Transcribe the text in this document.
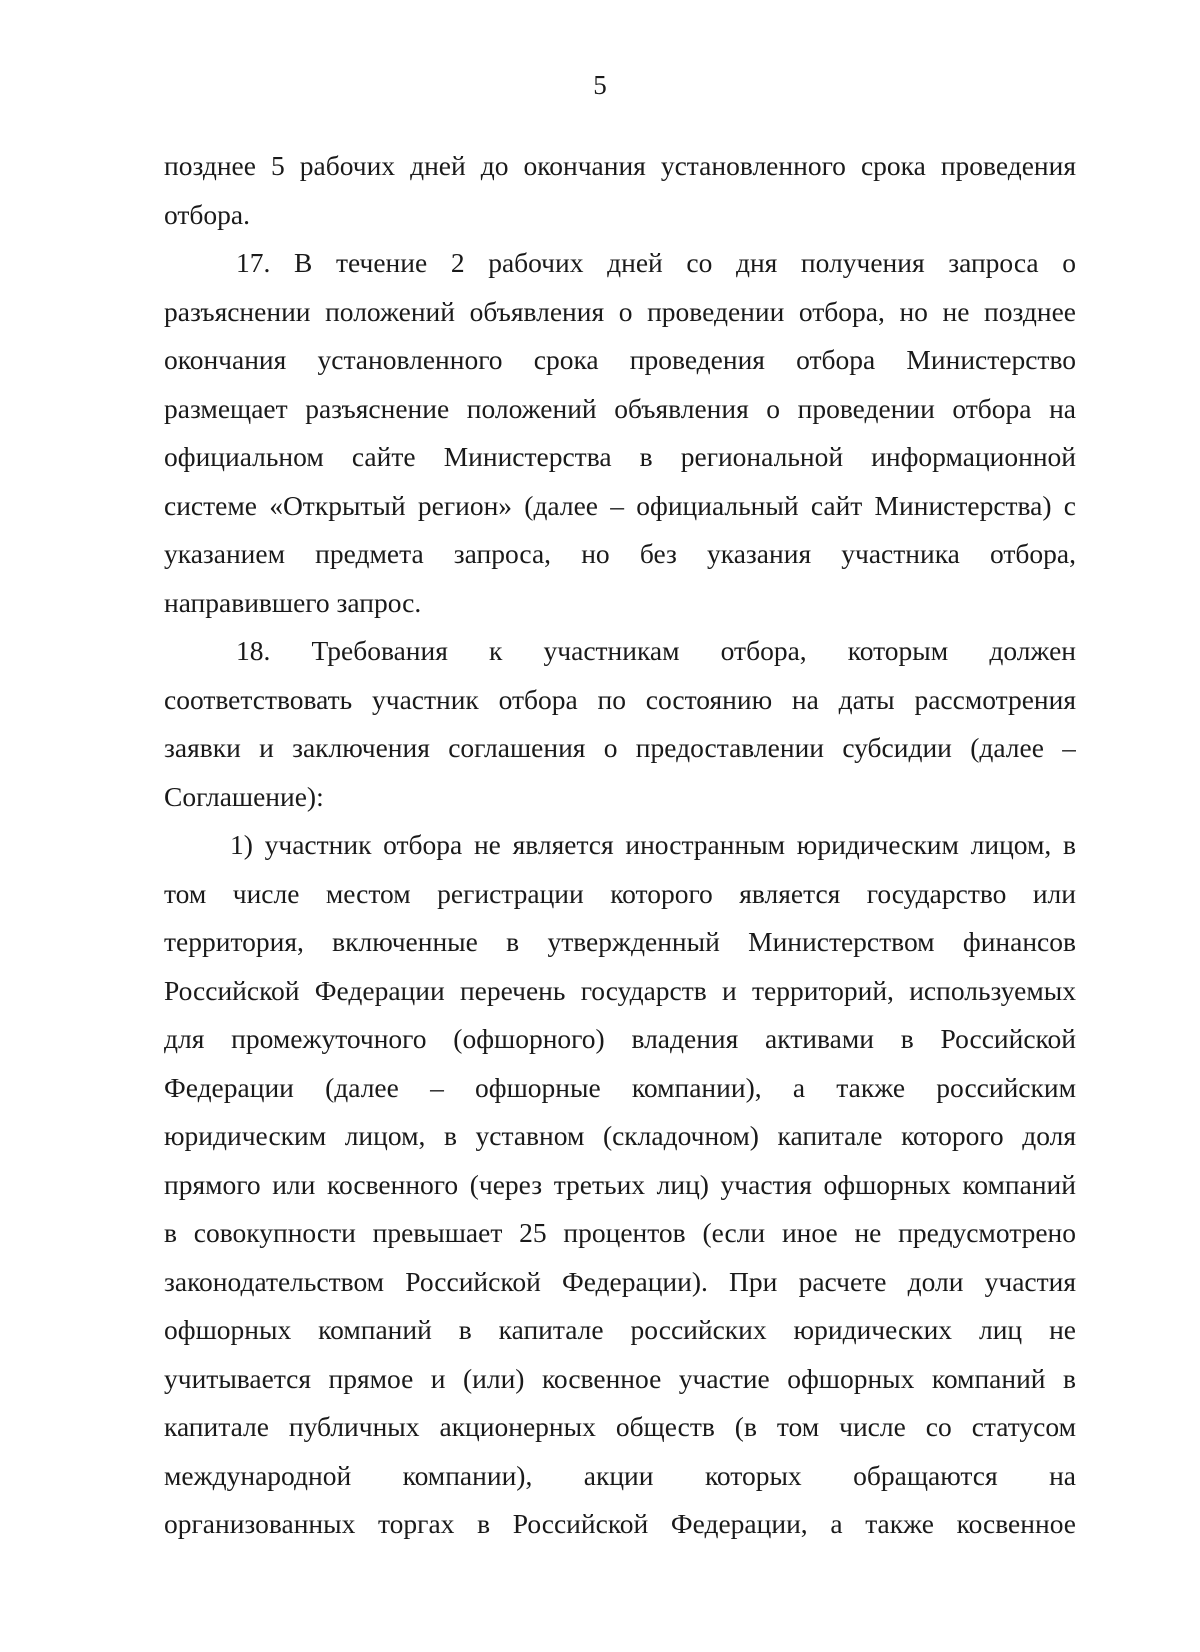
5
позднее 5 рабочих дней до окончания установленного срока проведения
отбора.
17. В течение 2 рабочих дней со дня получения запроса о
разъяснении положений объявления о проведении отбора, но не позднее
окончания установленного срока проведения отбора Министерство
размещает разъяснение положений объявления о проведении отбора на
официальном сайте Министерства в региональной информационной
системе «Открытый регион» (далее – официальный сайт Министерства) с
указанием предмета запроса, но без указания участника отбора,
направившего запрос.
18. Требования к участникам отбора, которым должен
соответствовать участник отбора по состоянию на даты рассмотрения
заявки и заключения соглашения о предоставлении субсидии (далее –
Соглашение):
1) участник отбора не является иностранным юридическим лицом, в
том числе местом регистрации которого является государство или
территория, включенные в утвержденный Министерством финансов
Российской Федерации перечень государств и территорий, используемых
для промежуточного (офшорного) владения активами в Российской
Федерации (далее – офшорные компании), а также российским
юридическим лицом, в уставном (складочном) капитале которого доля
прямого или косвенного (через третьих лиц) участия офшорных компаний
в совокупности превышает 25 процентов (если иное не предусмотрено
законодательством Российской Федерации). При расчете доли участия
офшорных компаний в капитале российских юридических лиц не
учитывается прямое и (или) косвенное участие офшорных компаний в
капитале публичных акционерных обществ (в том числе со статусом
международной компании), акции которых обращаются на
организованных торгах в Российской Федерации, а также косвенное
